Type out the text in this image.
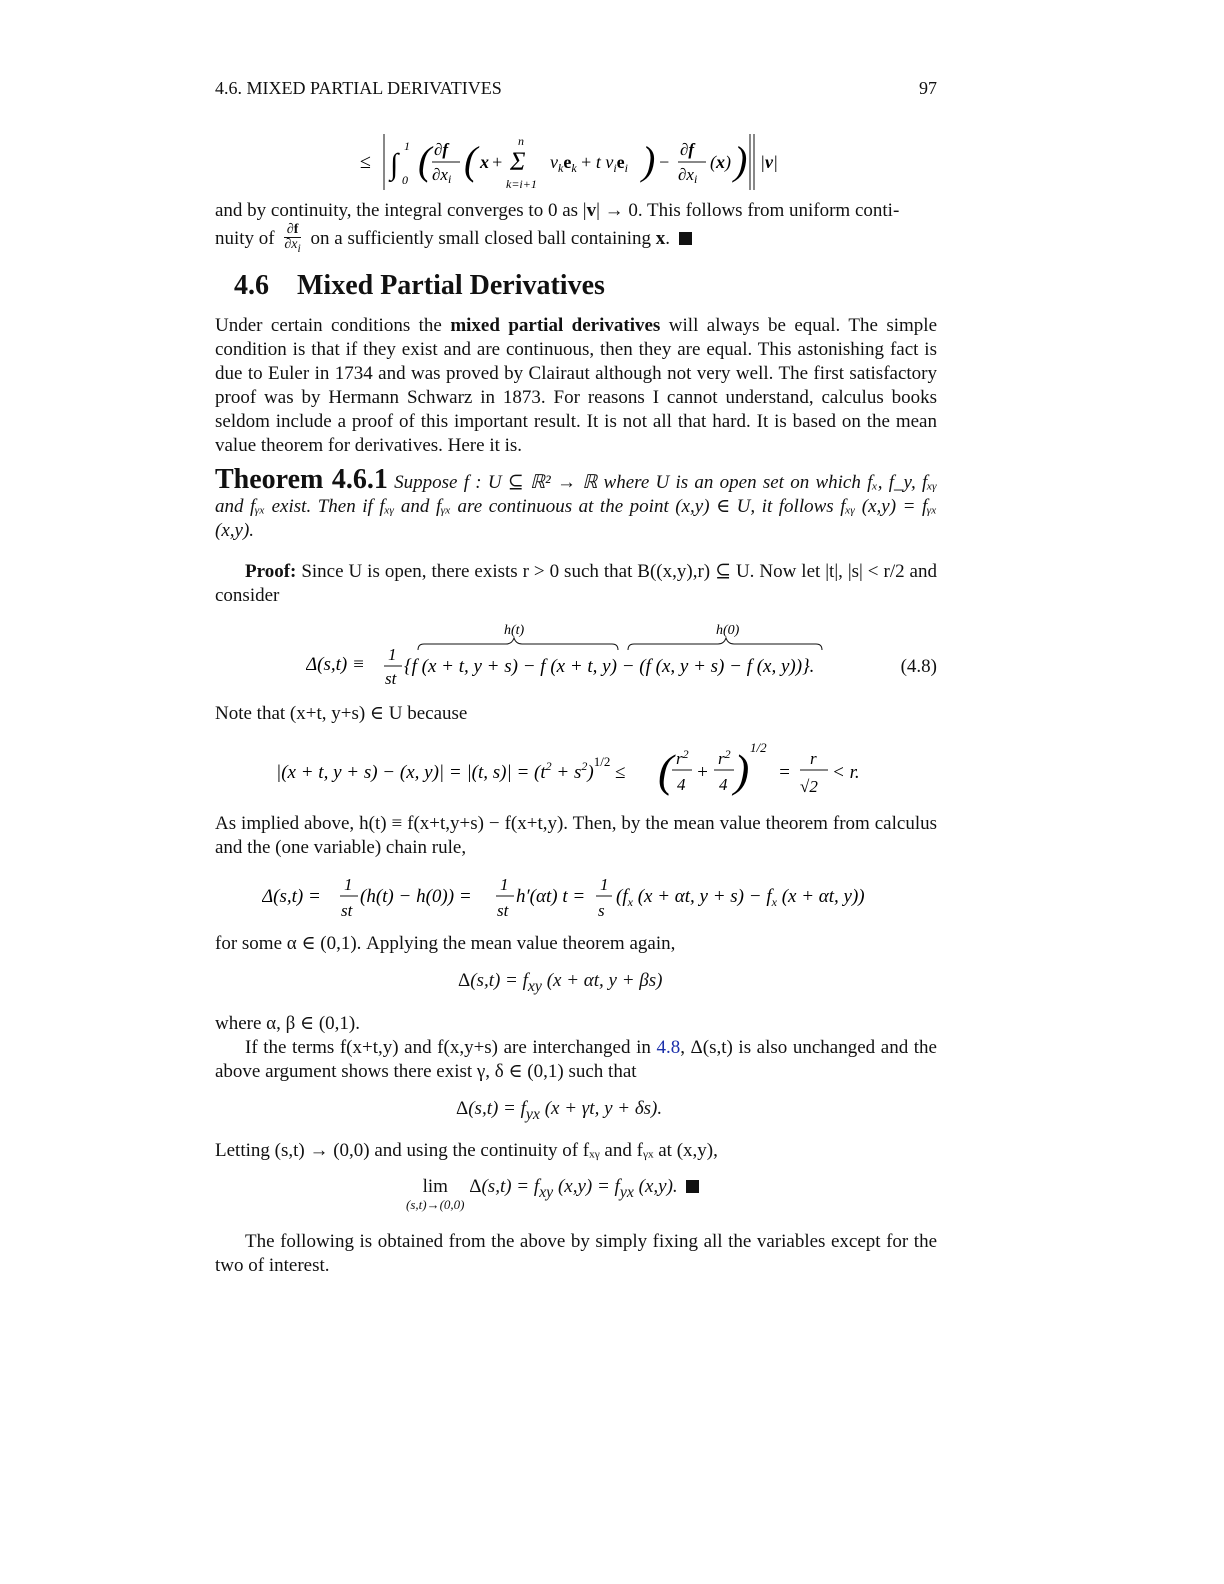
4.6. MIXED PARTIAL DERIVATIVES	97
≤ ∫
1
0 ( ∂f
∂xi ( x + Σ
n
k=i+1
$v_ke_k + t$ $v_ie_i$ ) −
∂f
∂xi
(x) ) |v|
and by continuity, the integral converges to 0 as |v| → 0. This follows from uniform conti-
nuity of $\frac{\partial f}{\partial x_i}$ on a sufficiently small closed ball containing x.
4.6 Mixed Partial Derivatives
Under certain conditions the mixed partial derivatives will always be equal. The simple condition is that if they exist and are continuous, then they are equal. This astonishing fact is due to Euler in 1734 and was proved by Clairaut although not very well. The first satisfactory proof was by Hermann Schwarz in 1873. For reasons I cannot understand, calculus books seldom include a proof of this important result. It is not all that hard. It is based on the mean value theorem for derivatives. Here it is.
Theorem 4.6.1 Suppose f : U ⊆ ℝ² → ℝ where U is an open set on which fₓ, f_y, fₓᵧ and fᵧₓ exist. Then if fₓᵧ and fᵧₓ are continuous at the point (x,y) ∈ U, it follows fₓᵧ (x,y) = fᵧₓ (x,y).
Proof: Since U is open, there exists r > 0 such that B((x,y),r) ⊆ U. Now let |t|, |s| < r/2 and consider
Δ(s,t) ≡ 1
st
{f (x + t, y + s) − f (x + t, y) − (f (x, y + s) − f (x, y))}.
h(t)	h(0)
(4.8)
Note that (x+t, y+s) ∈ U because
|(x + t, y + s) − (x, y)| = |(t, $s)| = (t^2 + s^2)^{1/2}$ ≤ ( $r^2$
4
+
$r^2$
4 ) 1/2
=
r
√2
< r.
As implied above, h(t) ≡ f(x+t,y+s) − f(x+t,y). Then, by the mean value theorem from calculus and the (one variable) chain rule,
Δ(s,t) =
1
st
(h(t) − h(0)) =
1
st
h′(αt) t =
1
s
($f_x$ (x + αt, $y + s) - f_x$ (x + αt, y))
for some α ∈ (0,1). Applying the mean value theorem again,
$\Delta(s,t) = f_{xy}$ (x + αt, y + βs)
where α, β ∈ (0,1).
If the terms f(x+t,y) and f(x,y+s) are interchanged in 4.8, Δ(s,t) is also unchanged and the above argument shows there exist γ, δ ∈ (0,1) such that
$\Delta(s,t) = f_{yx}$ (x + γt, y + δs).
Letting (s,t) → (0,0) and using the continuity of fₓᵧ and fᵧₓ at (x,y),
lim
(s,t)→(0,0)
$\Delta(s,t) = f_{xy}$ $(x,y) = f_{yx}$ (x,y).
The following is obtained from the above by simply fixing all the variables except for the two of interest.
